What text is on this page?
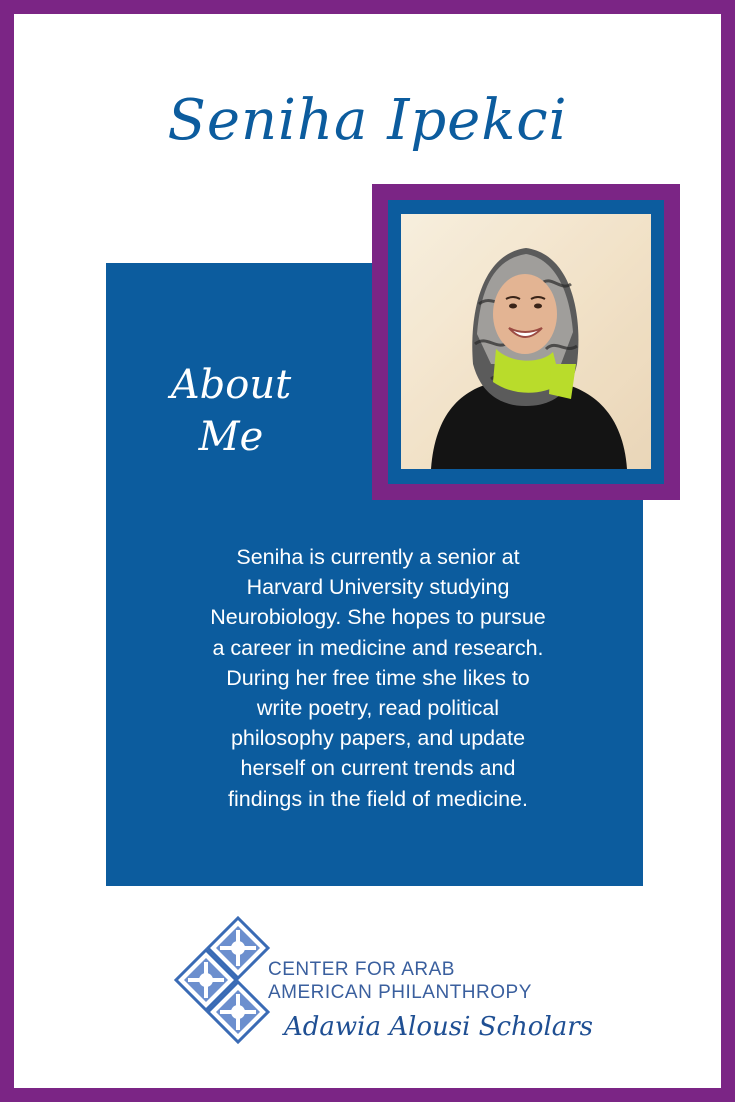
Seniha Ipekci
About
Me
Seniha is currently a senior at
Harvard University studying
Neurobiology. She hopes to pursue
a career in medicine and research.
During her free time she likes to
write poetry, read political
philosophy papers, and update
herself on current trends and
findings in the field of medicine.
CENTER FOR ARAB
AMERICAN PHILANTHROPY
Adawia Alousi Scholars
